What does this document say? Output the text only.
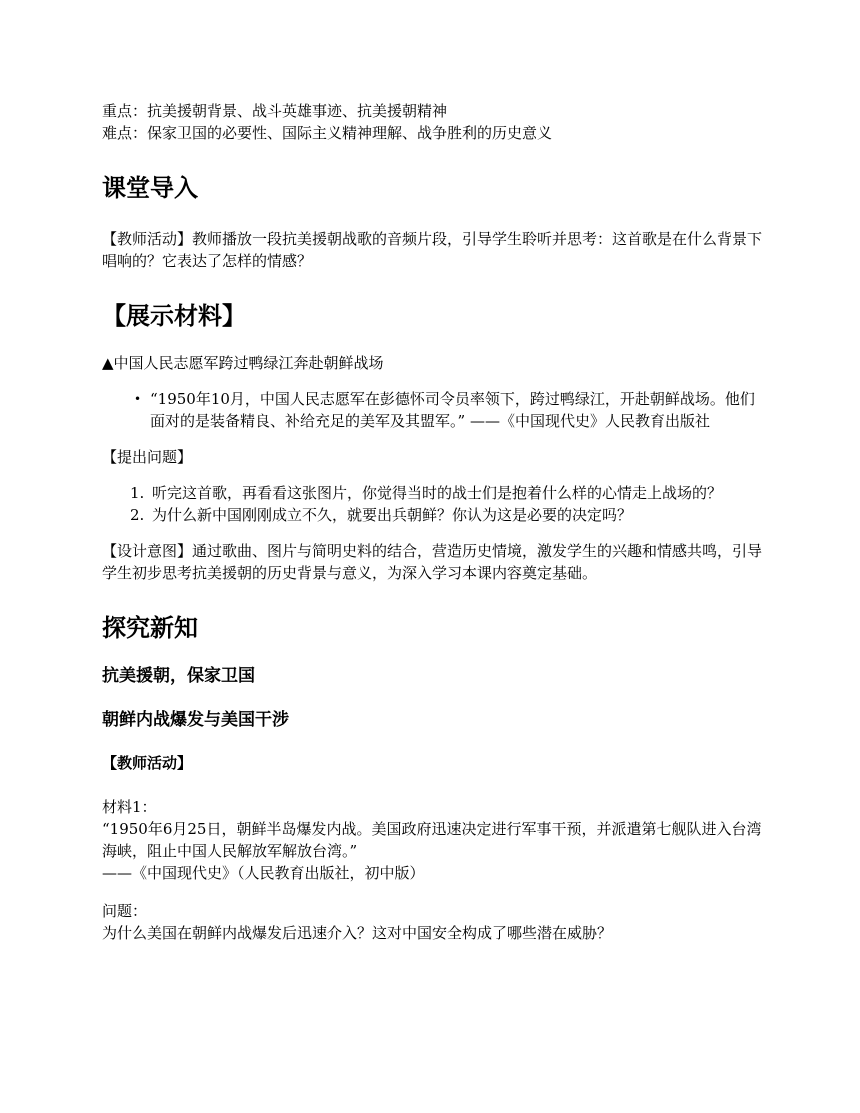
重点：抗美援朝背景、战斗英雄事迹、抗美援朝精神

难点：保家卫国的必要性、国际主义精神理解、战争胜利的历史意义

课堂导入

【教师活动】教师播放一段抗美援朝战歌的音频片段，引导学生聆听并思考：这首歌是在什么背景下唱响的？它表达了怎样的情感？

【展示材料】

▲中国人民志愿军跨过鸭绿江奔赴朝鲜战场

• “1950年10月，中国人民志愿军在彭德怀司令员率领下，跨过鸭绿江，开赴朝鲜战场。他们面对的是装备精良、补给充足的美军及其盟军。” ——《中国现代史》人民教育出版社

【提出问题】

1. 听完这首歌，再看看这张图片，你觉得当时的战士们是抱着什么样的心情走上战场的？
2. 为什么新中国刚刚成立不久，就要出兵朝鲜？你认为这是必要的决定吗？

【设计意图】通过歌曲、图片与简明史料的结合，营造历史情境，激发学生的兴趣和情感共鸣，引导学生初步思考抗美援朝的历史背景与意义，为深入学习本课内容奠定基础。

探究新知
抗美援朝，保家卫国
朝鲜内战爆发与美国干涉

【教师活动】

材料1：

“1950年6月25日，朝鲜半岛爆发内战。美国政府迅速决定进行军事干预，并派遣第七舰队进入台湾海峡，阻止中国人民解放军解放台湾。”

——《中国现代史》（人民教育出版社，初中版）

问题：

为什么美国在朝鲜内战爆发后迅速介入？这对中国安全构成了哪些潜在威胁？
